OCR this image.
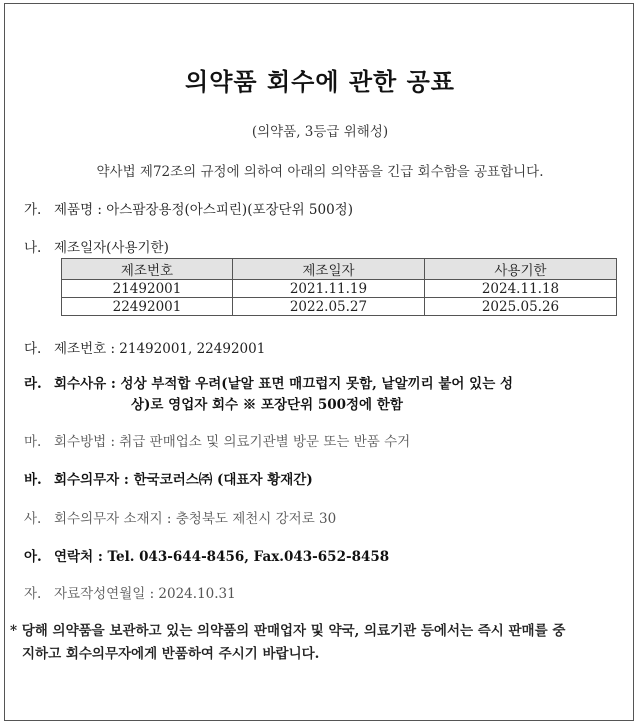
의약품 회수에 관한 공표
(의약품, 3등급 위해성)
약사법 제72조의 규정에 의하여 아래의 의약품을 긴급 회수함을 공표합니다.
가. 제품명 : 아스팜장용정(아스피린)(포장단위 500정)
나. 제조일자(사용기한)
제조번호	제조일자	사용기한
21492001	2021.11.19	2024.11.18
22492001	2022.05.27	2025.05.26
다. 제조번호 : 21492001, 22492001
라. 회수사유 : 성상 부적합 우려(낱알 표면 매끄럽지 못함, 낱알끼리 붙어 있는 성
상)로 영업자 회수 ※ 포장단위 500정에 한함
마. 회수방법 : 취급 판매업소 및 의료기관별 방문 또는 반품 수거
바. 회수의무자 : 한국코러스㈜ (대표자 황재간)
사. 회수의무자 소재지 : 충청북도 제천시 강저로 30
아. 연락처 : Tel. 043-644-8456, Fax.043-652-8458
자. 자료작성연월일 : 2024.10.31
* 당해 의약품을 보관하고 있는 의약품의 판매업자 및 약국, 의료기관 등에서는 즉시 판매를 중
지하고 회수의무자에게 반품하여 주시기 바랍니다.
